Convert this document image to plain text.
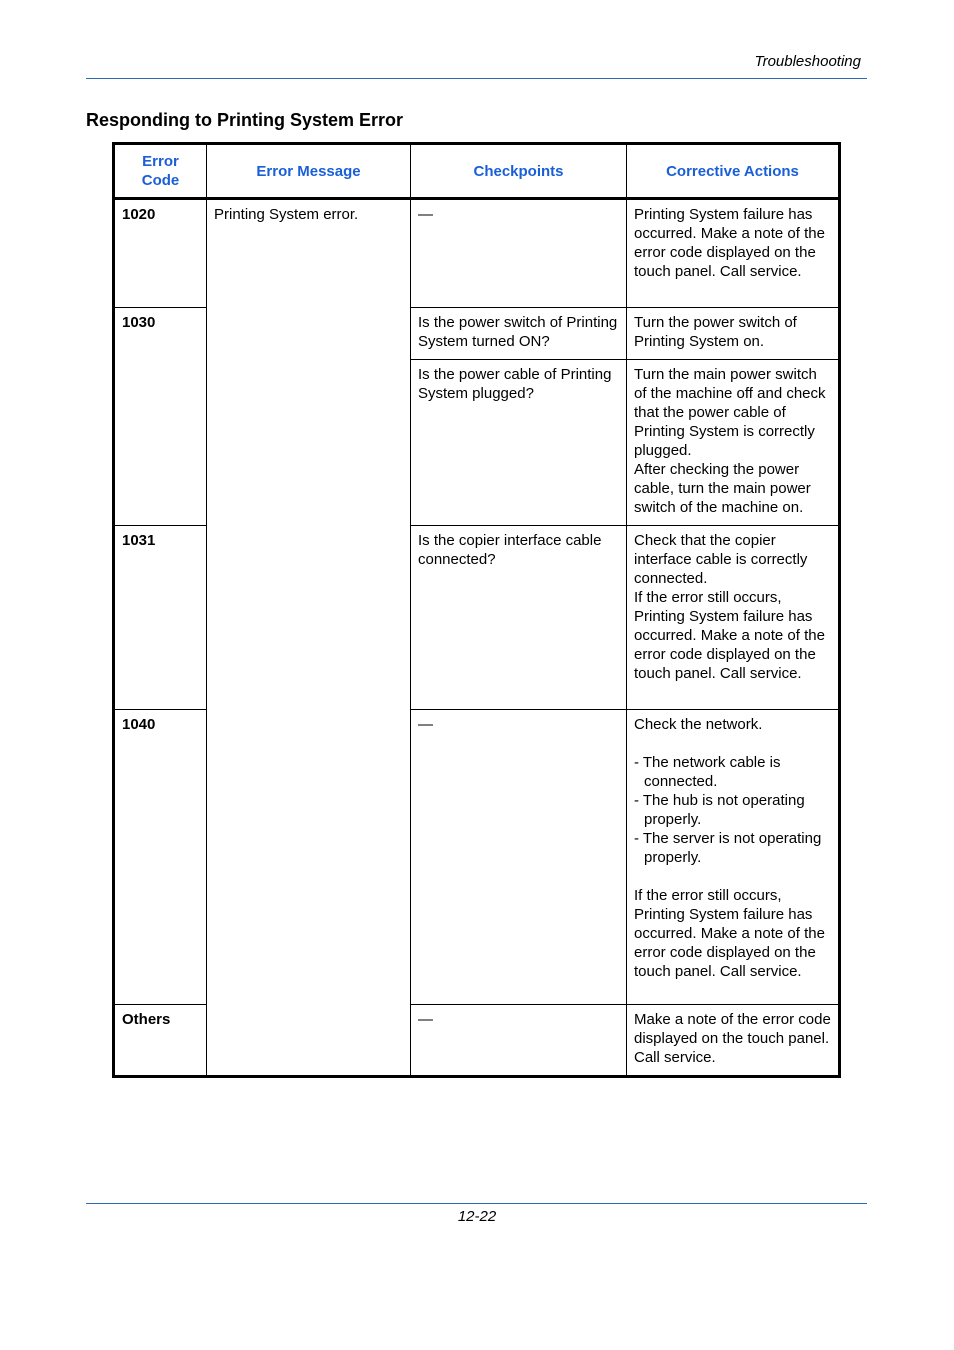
Troubleshooting
Responding to Printing System Error
Error
Code	Error Message	Checkpoints	Corrective Actions
1020	Printing System error.	—	Printing System failure has occurred. Make a note of the error code displayed on the touch panel. Call service.
1030		Is the power switch of Printing System turned ON?	Turn the power switch of Printing System on.
		Is the power cable of Printing System plugged?	Turn the main power switch of the machine off and check that the power cable of Printing System is correctly plugged.
After checking the power cable, turn the main power switch of the machine on.

1031		Is the copier interface cable connected?	Check that the copier interface cable is correctly connected.
If the error still occurs, Printing System failure has occurred. Make a note of the error code displayed on the touch panel. Call service.

1040		—	Check the network.
- The network cable is connected.
- The hub is not operating properly.
- The server is not operating properly.
If the error still occurs, Printing System failure has occurred. Make a note of the error code displayed on the touch panel. Call service.

Others		—	Make a note of the error code displayed on the touch panel. Call service.
12-22
